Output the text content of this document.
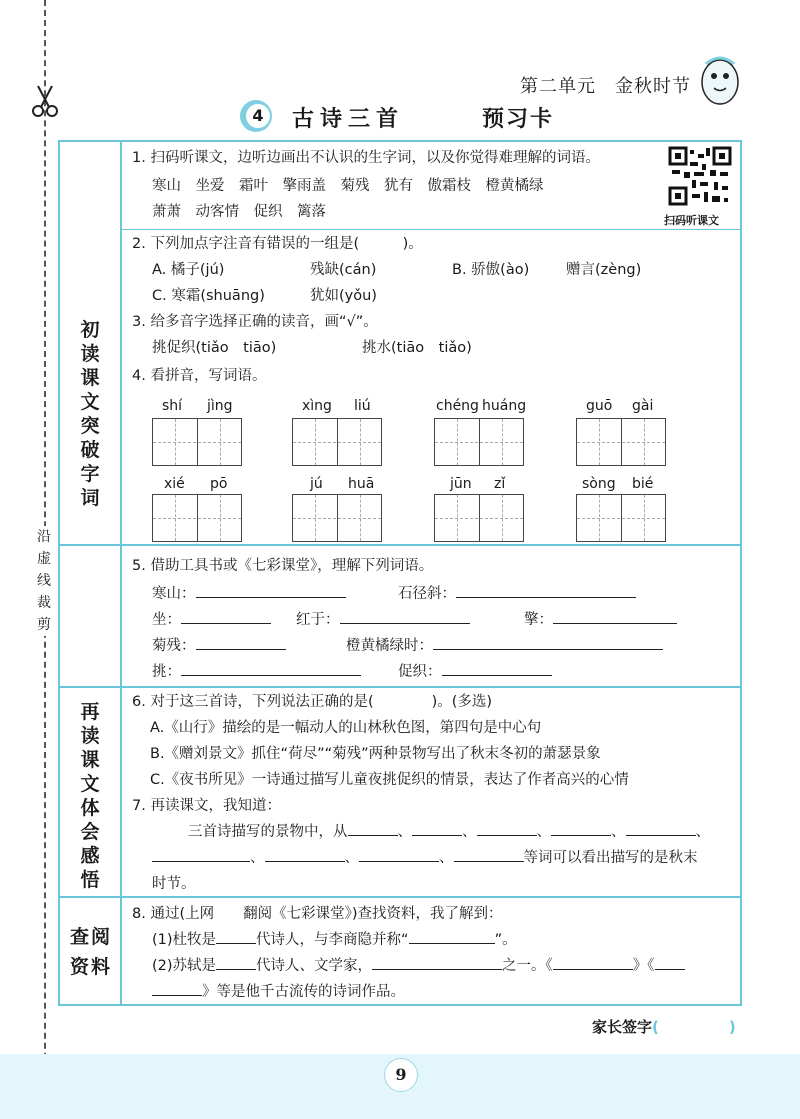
沿虚线裁剪
第二单元　金秋时节
4 古诗三首	预习卡
初读课文　突破字词
1. 扫码听课文，边听边画出不认识的生字词，以及你觉得难理解的词语。
寒山　坐爱　霜叶　擎雨盖　菊残　犹有　傲霜枝　橙黄橘绿
萧萧　动客情　促织　篱落
2. 下列加点字注音有错误的一组是(　　　)。
A. 橘子(jú)	残缺(cán)	B. 骄傲(ào)	赠言(zèng)
C. 寒霜(shuāng)	犹如(yǒu)
3. 给多音字选择正确的读音，画“√”。
挑促织(tiǎo　tiāo)	挑水(tiāo　tiǎo)
4. 看拼音，写词语。
扫码听课文
shí jìng	xìng liú	chéng huáng	guō gài
xié pō	jú huā	jūn zǐ	sòng bié
5. 借助工具书或《七彩课堂》，理解下列词语。
寒山：	石径斜：
坐：	红于：	擎：
菊残：	橙黄橘绿时：
挑：	促织：
再读课文　体会感悟
6. 对于这三首诗，下列说法正确的是(　　　　)。(多选)
A.《山行》描绘的是一幅动人的山林秋色图，第四句是中心句
B.《赠刘景文》抓住“荷尽”“菊残”两种景物写出了秋末冬初的萧瑟景象
C.《夜书所见》一诗通过描写儿童夜挑促织的情景，表达了作者高兴的心情
7. 再读课文，我知道：
三首诗描写的景物中，从	、	、	、	、	、
、	、	、	等词可以看出描写的是秋末
时节。
查阅资料
8. 通过(上网　　翻阅《七彩课堂》)查找资料，我了解到：
(1)杜牧是	代诗人，与李商隐并称“	”。
(2)苏轼是	代诗人、文学家，	之一。《	》《
》等是他千古流传的诗词作品。
家长签字(	)
9
